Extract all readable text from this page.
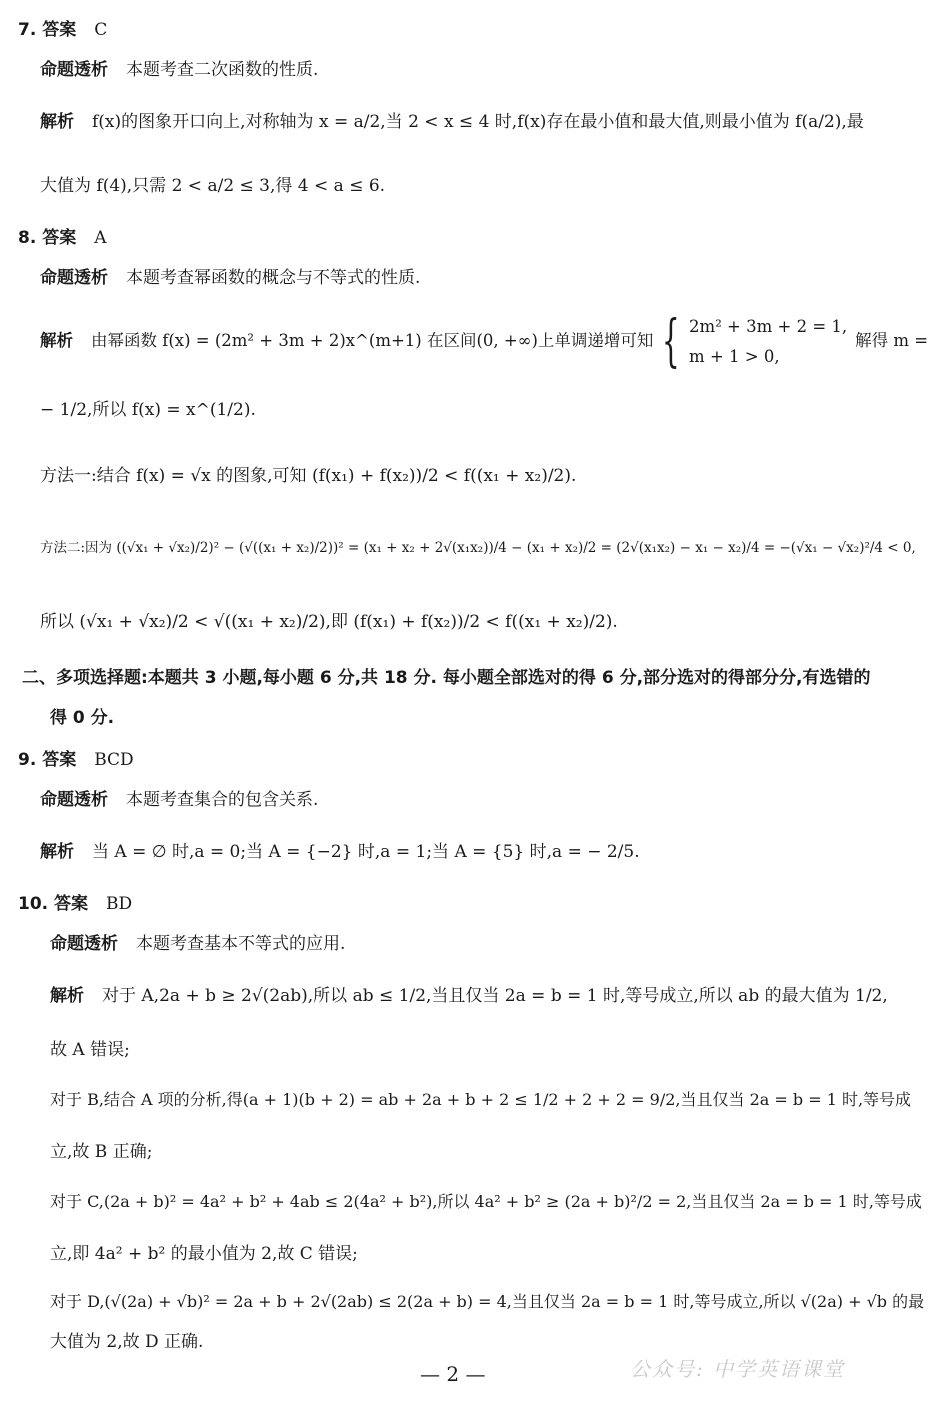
7. 答案 C
命题透析 本题考查二次函数的性质.
解析 f(x)的图象开口向上,对称轴为 x = a/2,当 2 < x ≤ 4 时,f(x)存在最小值和最大值,则最小值为 f(a/2),最
大值为 f(4),只需 2 < a/2 ≤ 3,得 4 < a ≤ 6.
8. 答案 A
命题透析 本题考查幂函数的概念与不等式的性质.
解析 由幂函数 f(x) = (2m² + 3m + 2)x^(m+1) 在区间(0, +∞)上单调递增可知 { 2m² + 3m + 2 = 1,
m + 1 > 0,
解得 m =
− 1/2,所以 f(x) = x^(1/2).
方法一:结合 f(x) = √x 的图象,可知 (f(x₁) + f(x₂))/2 < f((x₁ + x₂)/2).
方法二:因为 ((√x₁ + √x₂)/2)² − (√((x₁ + x₂)/2))² = (x₁ + x₂ + 2√(x₁x₂))/4 − (x₁ + x₂)/2 = (2√(x₁x₂) − x₁ − x₂)/4 = −(√x₁ − √x₂)²/4 < 0,
所以 (√x₁ + √x₂)/2 < √((x₁ + x₂)/2),即 (f(x₁) + f(x₂))/2 < f((x₁ + x₂)/2).
二、多项选择题:本题共 3 小题,每小题 6 分,共 18 分. 每小题全部选对的得 6 分,部分选对的得部分分,有选错的
得 0 分.
9. 答案 BCD
命题透析 本题考查集合的包含关系.
解析 当 A = ∅ 时,a = 0;当 A = {−2} 时,a = 1;当 A = {5} 时,a = − 2/5.
10. 答案 BD
命题透析 本题考查基本不等式的应用.
解析 对于 A,2a + b ≥ 2√(2ab),所以 ab ≤ 1/2,当且仅当 2a = b = 1 时,等号成立,所以 ab 的最大值为 1/2,
故 A 错误;
对于 B,结合 A 项的分析,得(a + 1)(b + 2) = ab + 2a + b + 2 ≤ 1/2 + 2 + 2 = 9/2,当且仅当 2a = b = 1 时,等号成
立,故 B 正确;
对于 C,(2a + b)² = 4a² + b² + 4ab ≤ 2(4a² + b²),所以 4a² + b² ≥ (2a + b)²/2 = 2,当且仅当 2a = b = 1 时,等号成
立,即 4a² + b² 的最小值为 2,故 C 错误;
对于 D,(√(2a) + √b)² = 2a + b + 2√(2ab) ≤ 2(2a + b) = 4,当且仅当 2a = b = 1 时,等号成立,所以 √(2a) + √b 的最
大值为 2,故 D 正确.
— 2 —	公众号: 中学英语课堂
